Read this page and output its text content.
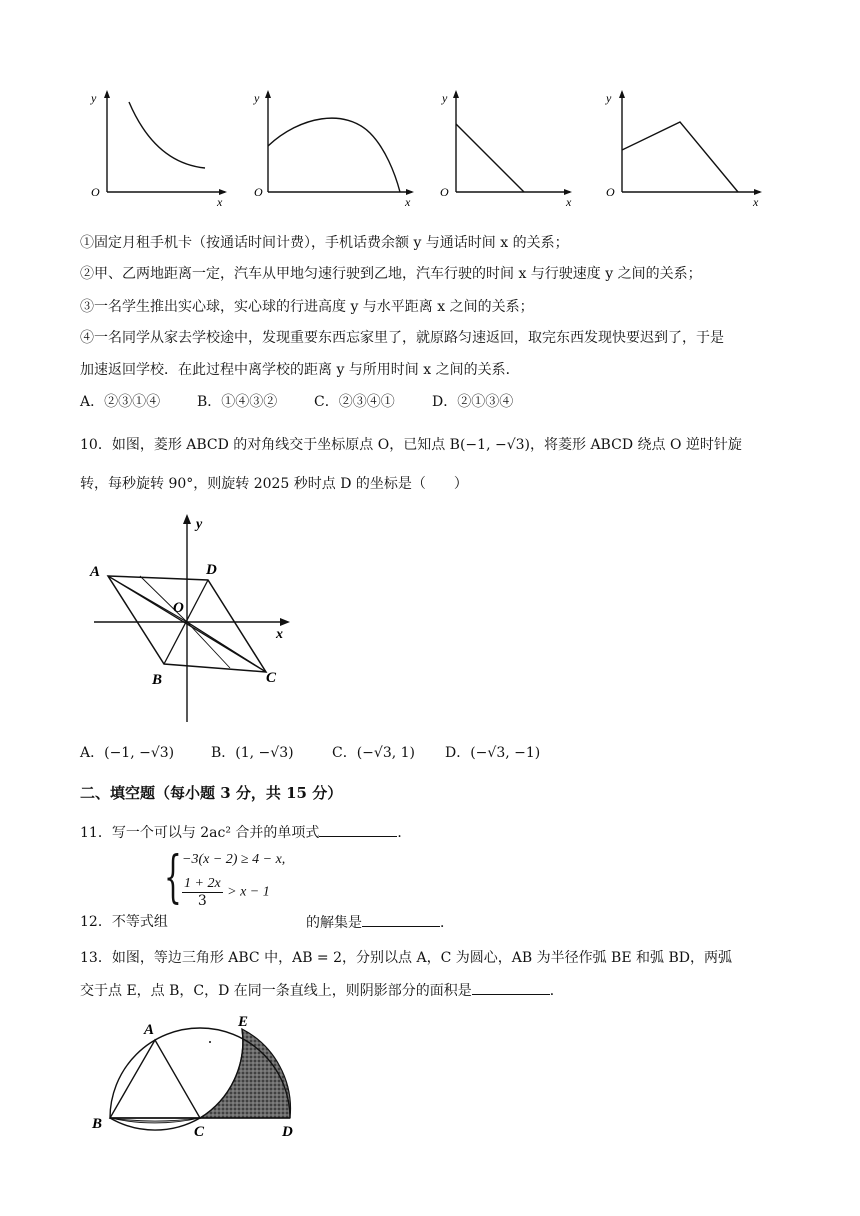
y
O
x
y
O
x
y
O
x
y
O
x
①固定月租手机卡（按通话时间计费），手机话费余额 y 与通话时间 x 的关系；
②甲、乙两地距离一定，汽车从甲地匀速行驶到乙地，汽车行驶的时间 x 与行驶速度 y 之间的关系；
③一名学生推出实心球，实心球的行进高度 y 与水平距离 x 之间的关系；
④一名同学从家去学校途中，发现重要东西忘家里了，就原路匀速返回，取完东西发现快要迟到了，于是
加速返回学校．在此过程中离学校的距离 y 与所用时间 x 之间的关系．
A．②③①④	B．①④③②	C．②③④①	D．②①③④
10．如图，菱形 ABCD 的对角线交于坐标原点 O，已知点 B(−1, −√3)，将菱形 ABCD 绕点 O 逆时针旋
转，每秒旋转 90°，则旋转 2025 秒时点 D 的坐标是（　　）
A	D
B	C
O
x
y
A．(−1, −√3)	B．(1, −√3)	C．(−√3, 1) D．(−√3, −1)
二、填空题（每小题 3 分，共 15 分）
11．写一个可以与 2ac² 合并的单项式	．
{ −3(x − 2) ≥ 4 − x,
$\frac{1 + 2x}{3} > x - 1$
12．不等式组	的解集是	．
13．如图，等边三角形 ABC 中，AB = 2，分别以点 A，C 为圆心，AB 为半径作弧 BE 和弧 BD，两弧
交于点 E，点 B，C，D 在同一条直线上，则阴影部分的面积是	．
A
B	C	D
E
